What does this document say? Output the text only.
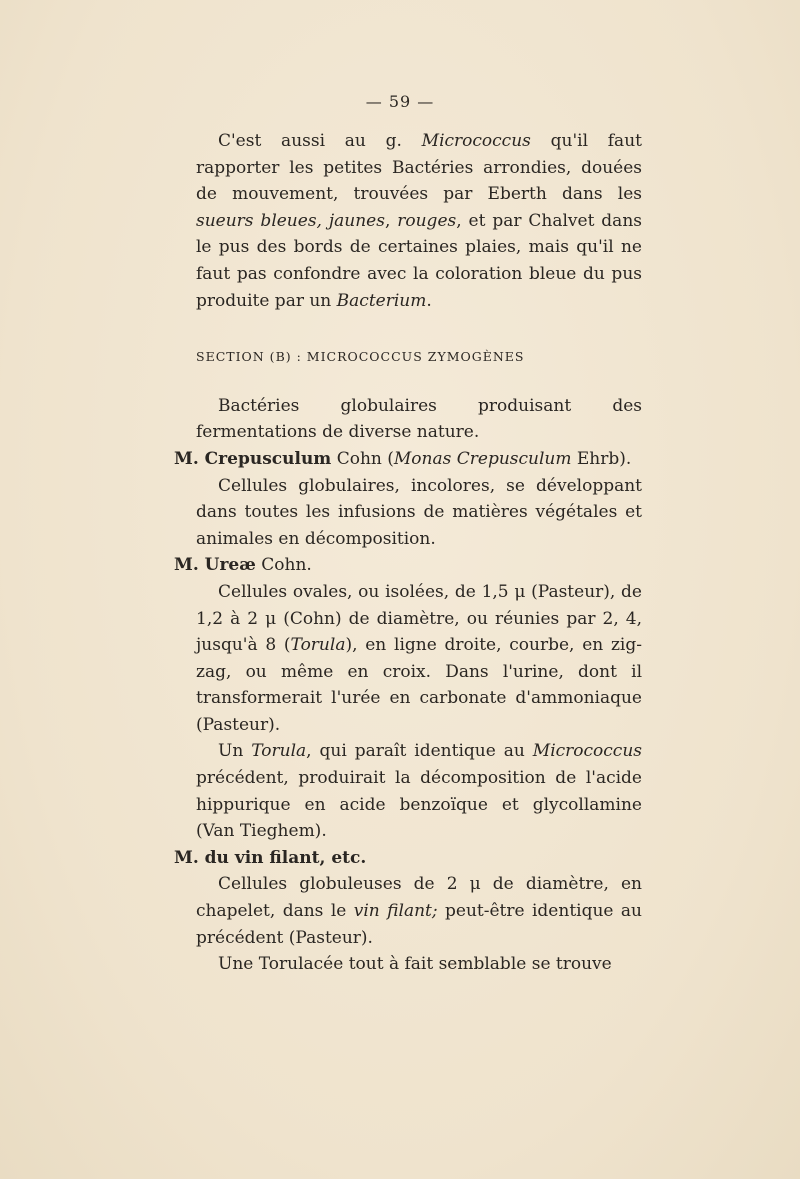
— 59 —

C'est aussi au g. Micrococcus qu'il faut rapporter les petites Bactéries arrondies, douées de mouvement, trouvées par Eberth dans les sueurs bleues, jaunes, rouges, et par Chalvet dans le pus des bords de certaines plaies, mais qu'il ne faut pas confondre avec la coloration bleue du pus produite par un Bacterium.

SECTION (B) : MICROCOCCUS ZYMOGÈNES

Bactéries globulaires produisant des fermentations de diverse nature.

M. Crepusculum Cohn (Monas Crepusculum Ehrb).

Cellules globulaires, incolores, se développant dans toutes les infusions de matières végétales et animales en décomposition.

M. Ureæ Cohn.

Cellules ovales, ou isolées, de 1,5 μ (Pasteur), de 1,2 à 2 μ (Cohn) de diamètre, ou réunies par 2, 4, jusqu'à 8 (Torula), en ligne droite, courbe, en zig-zag, ou même en croix. Dans l'urine, dont il transformerait l'urée en carbonate d'ammoniaque (Pasteur).

Un Torula, qui paraît identique au Micrococcus précédent, produirait la décomposition de l'acide hippurique en acide benzoïque et glycollamine (Van Tieghem).

M. du vin filant, etc.

Cellules globuleuses de 2 μ de diamètre, en chapelet, dans le vin filant; peut-être identique au précédent (Pasteur).

Une Torulacée tout à fait semblable se trouve
